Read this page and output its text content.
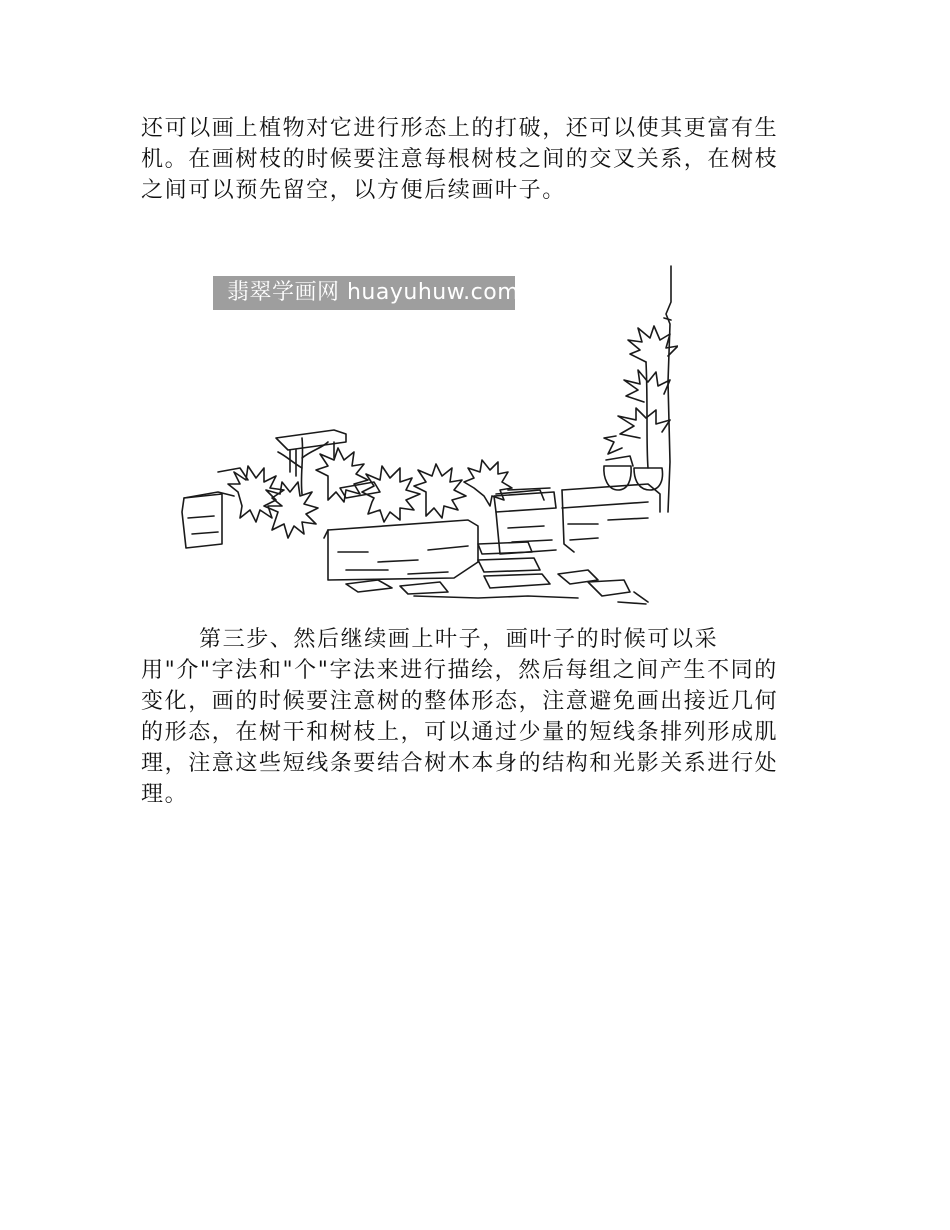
还可以画上植物对它进行形态上的打破，还可以使其更富有生
机。在画树枝的时候要注意每根树枝之间的交叉关系，在树枝
之间可以预先留空，以方便后续画叶子。
翡翠学画网 huayuhuw.com
第三步、然后继续画上叶子，画叶子的时候可以采
用"介"字法和"个"字法来进行描绘，然后每组之间产生不同的
变化，画的时候要注意树的整体形态，注意避免画出接近几何
的形态，在树干和树枝上，可以通过少量的短线条排列形成肌
理，注意这些短线条要结合树木本身的结构和光影关系进行处
理。
